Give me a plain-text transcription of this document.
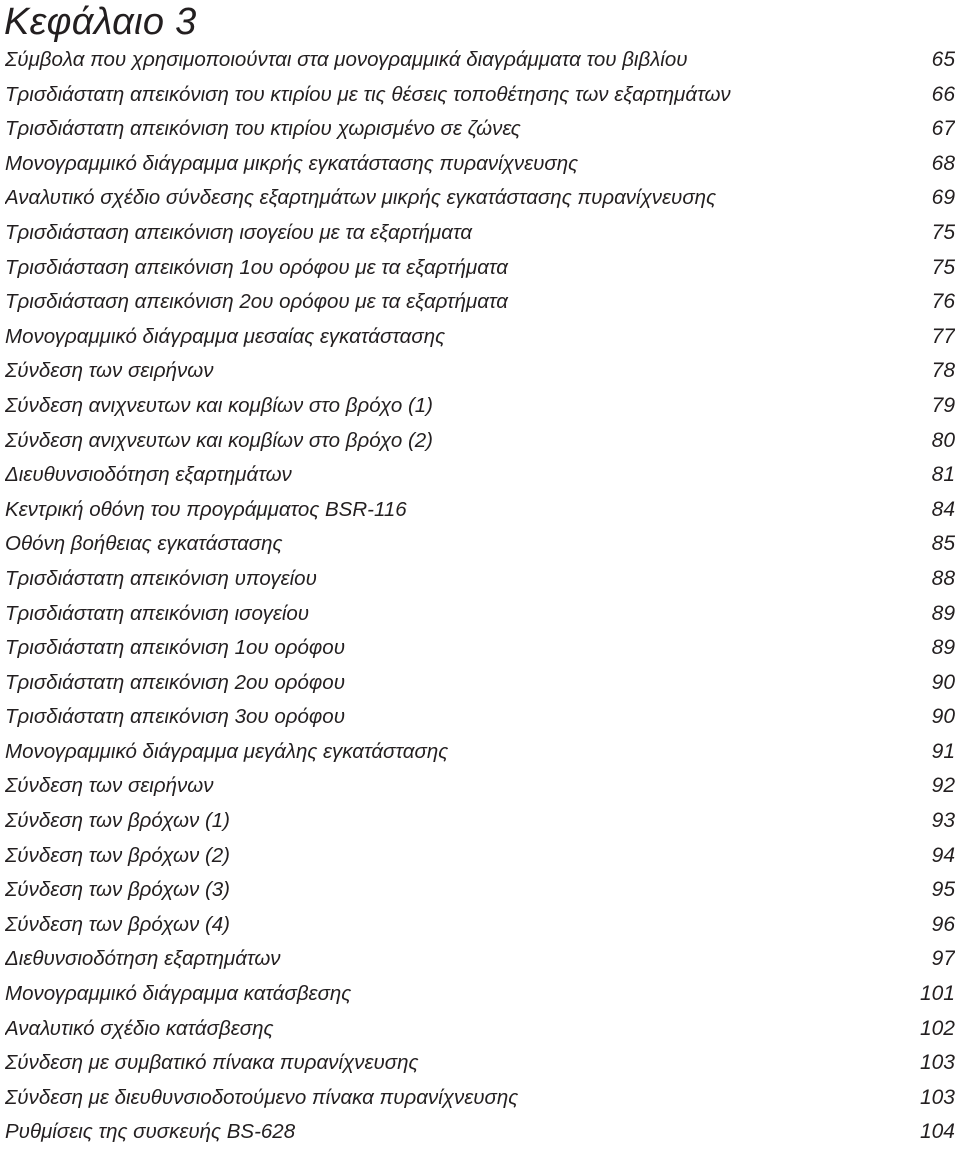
Κεφάλαιο 3
Σύμβολα που χρησιμοποιούνται στα μονογραμμικά διαγράμματα του βιβλίου	65
Τρισδιάστατη απεικόνιση του κτιρίου με τις θέσεις τοποθέτησης των εξαρτημάτων	66
Τρισδιάστατη απεικόνιση του κτιρίου χωρισμένο σε ζώνες	67
Μονογραμμικό διάγραμμα μικρής εγκατάστασης πυρανίχνευσης	68
Αναλυτικό σχέδιο σύνδεσης εξαρτημάτων μικρής εγκατάστασης πυρανίχνευσης	69
Τρισδιάσταση απεικόνιση ισογείου με τα εξαρτήματα	75
Τρισδιάσταση απεικόνιση 1ου ορόφου με τα εξαρτήματα	75
Τρισδιάσταση απεικόνιση 2ου ορόφου με τα εξαρτήματα	76
Μονογραμμικό διάγραμμα μεσαίας εγκατάστασης	77
Σύνδεση των σειρήνων	78
Σύνδεση ανιχνευτων και κομβίων στο βρόχο (1)	79
Σύνδεση ανιχνευτων και κομβίων στο βρόχο (2)	80
Διευθυνσιοδότηση εξαρτημάτων	81
Κεντρική οθόνη του προγράμματος BSR-116	84
Οθόνη βοήθειας εγκατάστασης	85
Τρισδιάστατη απεικόνιση υπογείου	88
Τρισδιάστατη απεικόνιση ισογείου	89
Τρισδιάστατη απεικόνιση 1ου ορόφου	89
Τρισδιάστατη απεικόνιση 2ου ορόφου	90
Τρισδιάστατη απεικόνιση 3ου ορόφου	90
Μονογραμμικό διάγραμμα μεγάλης εγκατάστασης	91
Σύνδεση των σειρήνων	92
Σύνδεση των βρόχων (1)	93
Σύνδεση των βρόχων (2)	94
Σύνδεση των βρόχων (3)	95
Σύνδεση των βρόχων (4)	96
Διεθυνσιοδότηση εξαρτημάτων	97
Μονογραμμικό διάγραμμα κατάσβεσης	101
Αναλυτικό σχέδιο κατάσβεσης	102
Σύνδεση με συμβατικό πίνακα πυρανίχνευσης	103
Σύνδεση με διευθυνσιοδοτούμενο πίνακα πυρανίχνευσης	103
Ρυθμίσεις της συσκευής BS-628	104
